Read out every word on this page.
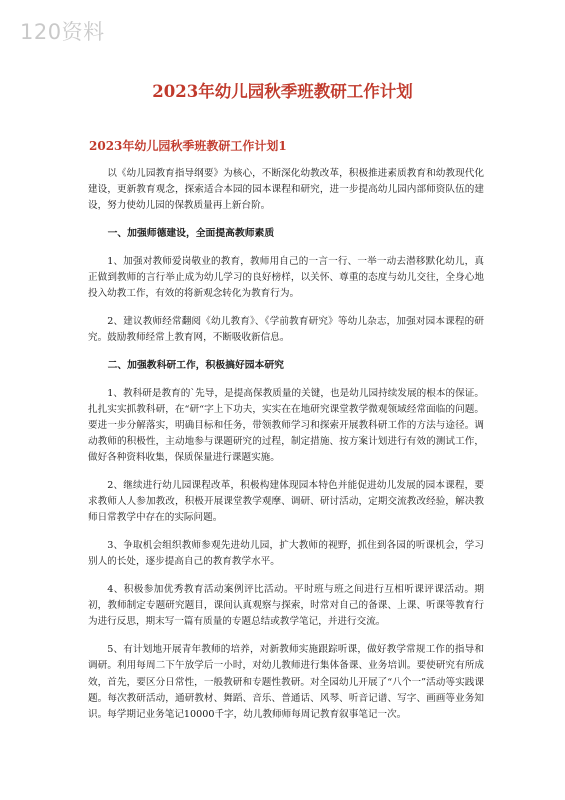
120资料
2023年幼儿园秋季班教研工作计划
2023年幼儿园秋季班教研工作计划1

以《幼儿园教育指导纲要》为核心，不断深化幼教改革，积极推进素质教育和幼教现代化建设，更新教育观念，探索适合本园的园本课程和研究，进一步提高幼儿园内部师资队伍的建设，努力使幼儿园的保教质量再上新台阶。

一、加强师德建设，全面提高教师素质

1、加强对教师爱岗敬业的教育，教师用自己的一言一行、一举一动去潜移默化幼儿，真正做到教师的言行举止成为幼儿学习的良好榜样，以关怀、尊重的态度与幼儿交往，全身心地投入幼教工作，有效的将新观念转化为教育行为。

2、建议教师经常翻阅《幼儿教育》、《学前教育研究》等幼儿杂志，加强对园本课程的研究。鼓励教师经常上教育网，不断吸收新信息。

二、加强教科研工作，积极搞好园本研究

1、教科研是教育的`先导，是提高保教质量的关键，也是幼儿园持续发展的根本的保证。扎扎实实抓教科研，在“研“字上下功夫，实实在在地研究课堂教学微观领域经常面临的问题。 要进一步分解落实，明确目标和任务，带领教师学习和探索开展教科研工作的方法与途径。调动教师的积极性，主动地参与课题研究的过程，制定措施、按方案计划进行有效的测试工作，做好各种资料收集，保质保量进行课题实施。

2、继续进行幼儿园课程改革，积极构建体现园本特色并能促进幼儿发展的园本课程，要求教师人人参加教改，积极开展课堂教学观摩、调研、研讨活动，定期交流教改经验，解决教师日常教学中存在的实际问题。

3、争取机会组织教师参观先进幼儿园，扩大教师的视野，抓住到各园的听课机会，学习别人的长处，逐步提高自己的教育教学水平。

4、积极参加优秀教育活动案例评比活动。平时班与班之间进行互相听课评课活动。期初，教师制定专题研究题目，课间认真观察与探索，时常对自己的备课、上课、听课等教育行为进行反思，期末写一篇有质量的专题总结或教学笔记，并进行交流。

5、有计划地开展青年教师的培养，对新教师实施跟踪听课，做好教学常规工作的指导和调研。利用每周二下午放学后一小时，对幼儿教师进行集体备课、业务培训。要使研究有所成效，首先，要区分日常性，一般教研和专题性教研。对全园幼儿开展了“八个一”活动等实践课题。每次教研活动，通研教材、舞蹈、音乐、普通话、风琴、听音记谱、写字、画画等业务知识。每学期记业务笔记10000千字，幼儿教师师每周记教育叙事笔记一次。
